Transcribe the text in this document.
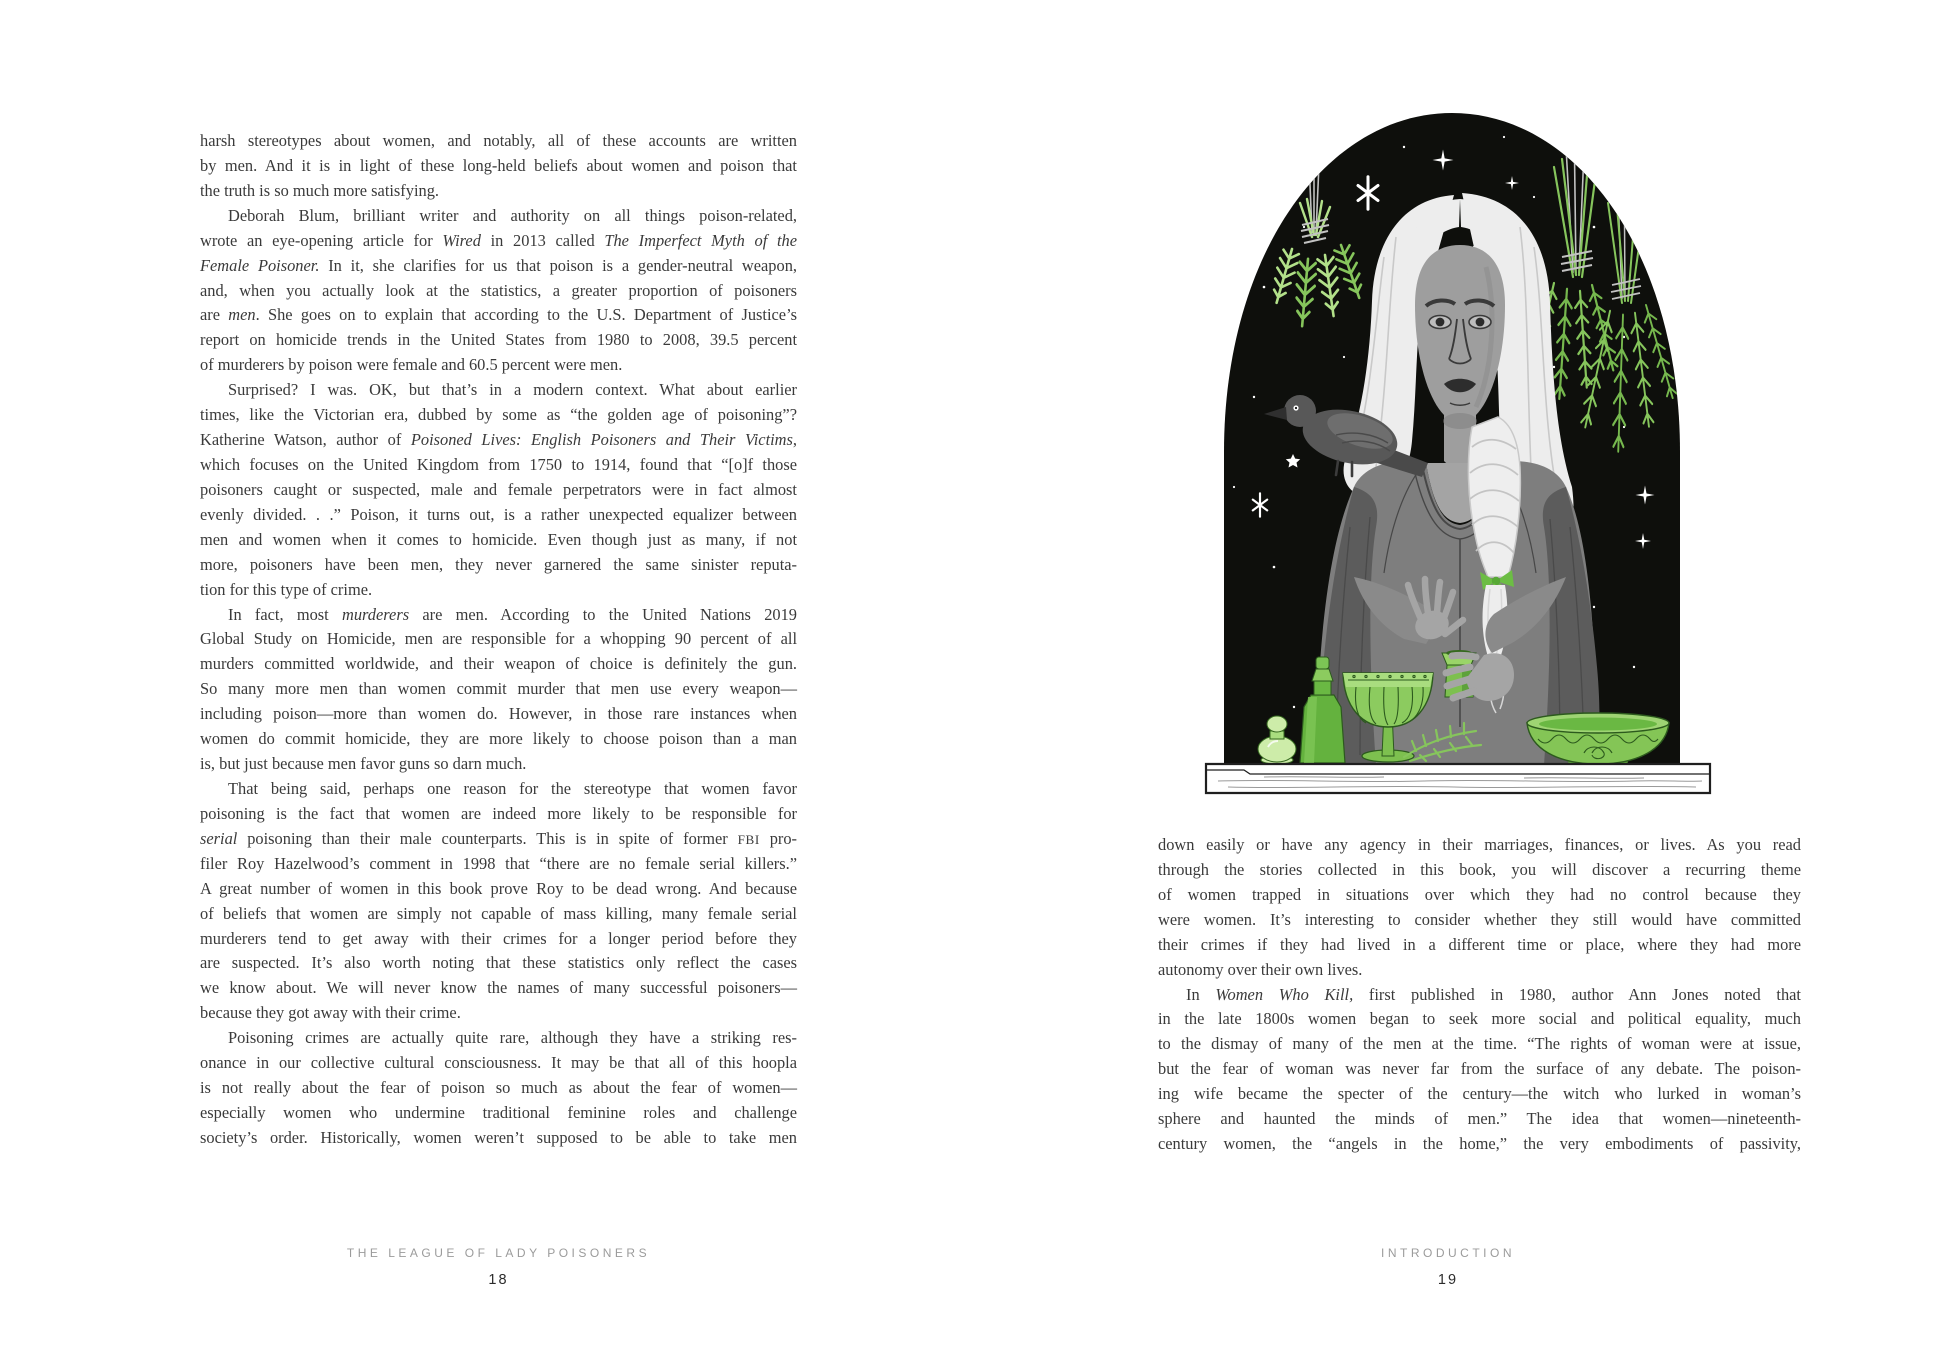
harsh stereotypes about women, and notably, all of these accounts are written
by men. And it is in light of these long-held beliefs about women and poison that
the truth is so much more satisfying.
Deborah Blum, brilliant writer and authority on all things poison-related,
wrote an eye-opening article for Wired in 2013 called The Imperfect Myth of the
Female Poisoner. In it, she clarifies for us that poison is a gender-neutral weapon,
and, when you actually look at the statistics, a greater proportion of poisoners
are men. She goes on to explain that according to the U.S. Department of Justice’s
report on homicide trends in the United States from 1980 to 2008, 39.5 percent
of murderers by poison were female and 60.5 percent were men.
Surprised? I was. OK, but that’s in a modern context. What about earlier
times, like the Victorian era, dubbed by some as “the golden age of poisoning”?
Katherine Watson, author of Poisoned Lives: English Poisoners and Their Victims,
which focuses on the United Kingdom from 1750 to 1914, found that “[o]f those
poisoners caught or suspected, male and female perpetrators were in fact almost
evenly divided. . .” Poison, it turns out, is a rather unexpected equalizer between
men and women when it comes to homicide. Even though just as many, if not
more, poisoners have been men, they never garnered the same sinister reputa-
tion for this type of crime.
In fact, most murderers are men. According to the United Nations 2019
Global Study on Homicide, men are responsible for a whopping 90 percent of all
murders committed worldwide, and their weapon of choice is definitely the gun.
So many more men than women commit murder that men use every weapon—
including poison—more than women do. However, in those rare instances when
women do commit homicide, they are more likely to choose poison than a man
is, but just because men favor guns so darn much.
That being said, perhaps one reason for the stereotype that women favor
poisoning is the fact that women are indeed more likely to be responsible for
serial poisoning than their male counterparts. This is in spite of former FBI pro-
filer Roy Hazelwood’s comment in 1998 that “there are no female serial killers.”
A great number of women in this book prove Roy to be dead wrong. And because
of beliefs that women are simply not capable of mass killing, many female serial
murderers tend to get away with their crimes for a longer period before they
are suspected. It’s also worth noting that these statistics only reflect the cases
we know about. We will never know the names of many successful poisoners—
because they got away with their crime.
Poisoning crimes are actually quite rare, although they have a striking res-
onance in our collective cultural consciousness. It may be that all of this hoopla
is not really about the fear of poison so much as about the fear of women—
especially women who undermine traditional feminine roles and challenge
society’s order. Historically, women weren’t supposed to be able to take men
THE LEAGUE OF LADY POISONERS
18
down easily or have any agency in their marriages, finances, or lives. As you read
through the stories collected in this book, you will discover a recurring theme
of women trapped in situations over which they had no control because they
were women. It’s interesting to consider whether they still would have committed
their crimes if they had lived in a different time or place, where they had more
autonomy over their own lives.
In Women Who Kill, first published in 1980, author Ann Jones noted that
in the late 1800s women began to seek more social and political equality, much
to the dismay of many of the men at the time. “The rights of woman were at issue,
but the fear of woman was never far from the surface of any debate. The poison-
ing wife became the specter of the century—the witch who lurked in woman’s
sphere and haunted the minds of men.” The idea that women—nineteenth-
century women, the “angels in the home,” the very embodiments of passivity,
INTRODUCTION
19
